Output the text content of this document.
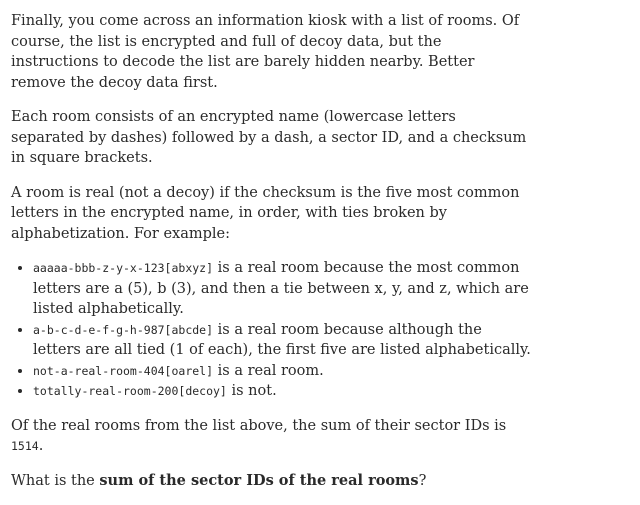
Finally, you come across an information kiosk with a list of rooms. Of course, the list is encrypted and full of decoy data, but the instructions to decode the list are barely hidden nearby. Better remove the decoy data first.

Each room consists of an encrypted name (lowercase letters separated by dashes) followed by a dash, a sector ID, and a checksum in square brackets.

A room is real (not a decoy) if the checksum is the five most common letters in the encrypted name, in order, with ties broken by alphabetization. For example:

• aaaaa-bbb-z-y-x-123[abxyz] is a real room because the most common letters are a (5), b (3), and then a tie between x, y, and z, which are listed alphabetically.
• a-b-c-d-e-f-g-h-987[abcde] is a real room because although the letters are all tied (1 of each), the first five are listed alphabetically.
• not-a-real-room-404[oarel] is a real room.
• totally-real-room-200[decoy] is not.

Of the real rooms from the list above, the sum of their sector IDs is 1514.

What is the sum of the sector IDs of the real rooms?
